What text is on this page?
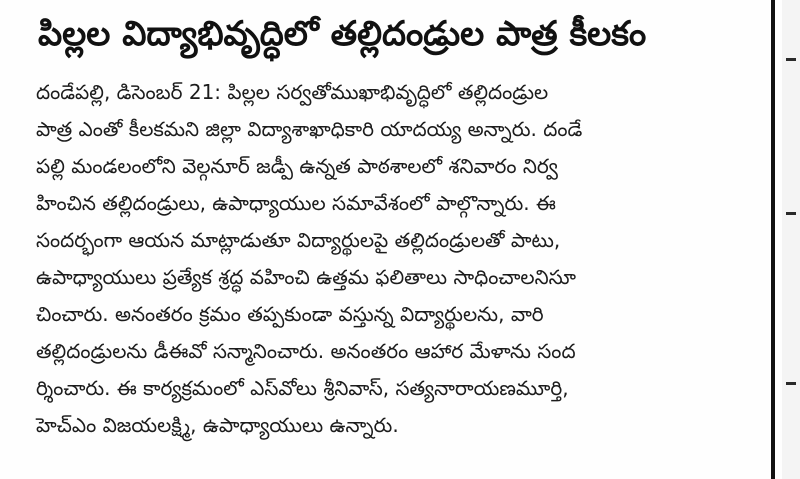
పిల్లల విద్యాభివృద్ధిలో తల్లిదండ్రుల పాత్ర కీలకం
దండేపల్లి, డిసెంబర్ 21: పిల్లల సర్వతోముఖాభివృద్ధిలో తల్లిదండ్రుల
పాత్ర ఎంతో కీలకమని జిల్లా విద్యాశాఖాధికారి యాదయ్య అన్నారు. దండే
పల్లి మండలంలోని వెల్గనూర్ జడ్పీ ఉన్నత పాఠశాలలో శనివారం నిర్వ
హించిన తల్లిదండ్రులు, ఉపాధ్యాయుల సమావేశంలో పాల్గొన్నారు. ఈ
సందర్భంగా ఆయన మాట్లాడుతూ విద్యార్థులపై తల్లిదండ్రులతో పాటు,
ఉపాధ్యాయులు ప్రత్యేక శ్రద్ధ వహించి ఉత్తమ ఫలితాలు సాధించాలనిసూ
చించారు. అనంతరం క్రమం తప్పకుండా వస్తున్న విద్యార్థులను, వారి
తల్లిదండ్రులను డీఈవో సన్మానించారు. అనంతరం ఆహార మేళాను సంద
ర్శించారు. ఈ కార్యక్రమంలో ఎస్‌వోలు శ్రీనివాస్, సత్యనారాయణమూర్తి,
హెచ్ఎం విజయలక్ష్మి, ఉపాధ్యాయులు ఉన్నారు.
